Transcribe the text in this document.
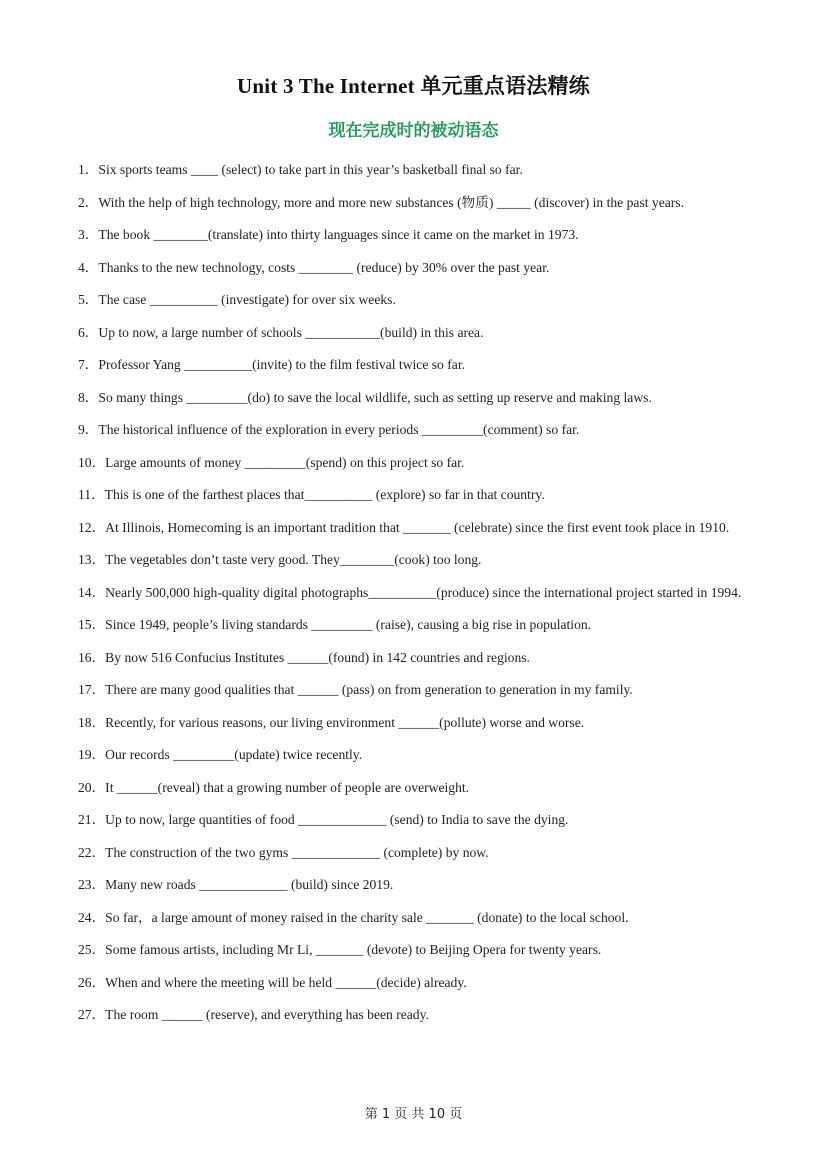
Unit 3 The Internet 单元重点语法精练
现在完成时的被动语态
1．Six sports teams ____ (select) to take part in this year’s basketball final so far.
2．With the help of high technology, more and more new substances (物质) _____ (discover) in the past years.
3．The book ________(translate) into thirty languages since it came on the market in 1973.
4．Thanks to the new technology, costs ________ (reduce) by 30% over the past year.
5．The case __________ (investigate) for over six weeks.
6．Up to now, a large number of schools ___________(build) in this area.
7．Professor Yang __________(invite) to the film festival twice so far.
8．So many things _________(do) to save the local wildlife, such as setting up reserve and making laws.
9．The historical influence of the exploration in every periods _________(comment) so far.
10．Large amounts of money _________(spend) on this project so far.
11．This is one of the farthest places that__________ (explore) so far in that country.
12．At Illinois, Homecoming is an important tradition that _______ (celebrate) since the first event took place in 1910.
13．The vegetables don’t taste very good. They________(cook) too long.
14．Nearly 500,000 high-quality digital photographs__________(produce) since the international project started in 1994.
15．Since 1949, people’s living standards _________ (raise), causing a big rise in population.
16．By now 516 Confucius Institutes ______(found) in 142 countries and regions.
17．There are many good qualities that ______ (pass) on from generation to generation in my family.
18．Recently, for various reasons, our living environment ______(pollute) worse and worse.
19．Our records _________(update) twice recently.
20．It ______(reveal) that a growing number of people are overweight.
21．Up to now, large quantities of food _____________ (send) to India to save the dying.
22．The construction of the two gyms _____________ (complete) by now.
23．Many new roads _____________ (build) since 2019.
24．So far，a large amount of money raised in the charity sale _______ (donate) to the local school.
25．Some famous artists, including Mr Li, _______ (devote) to Beijing Opera for twenty years.
26．When and where the meeting will be held ______(decide) already.
27．The room ______ (reserve), and everything has been ready.
第 1 页 共 10 页
